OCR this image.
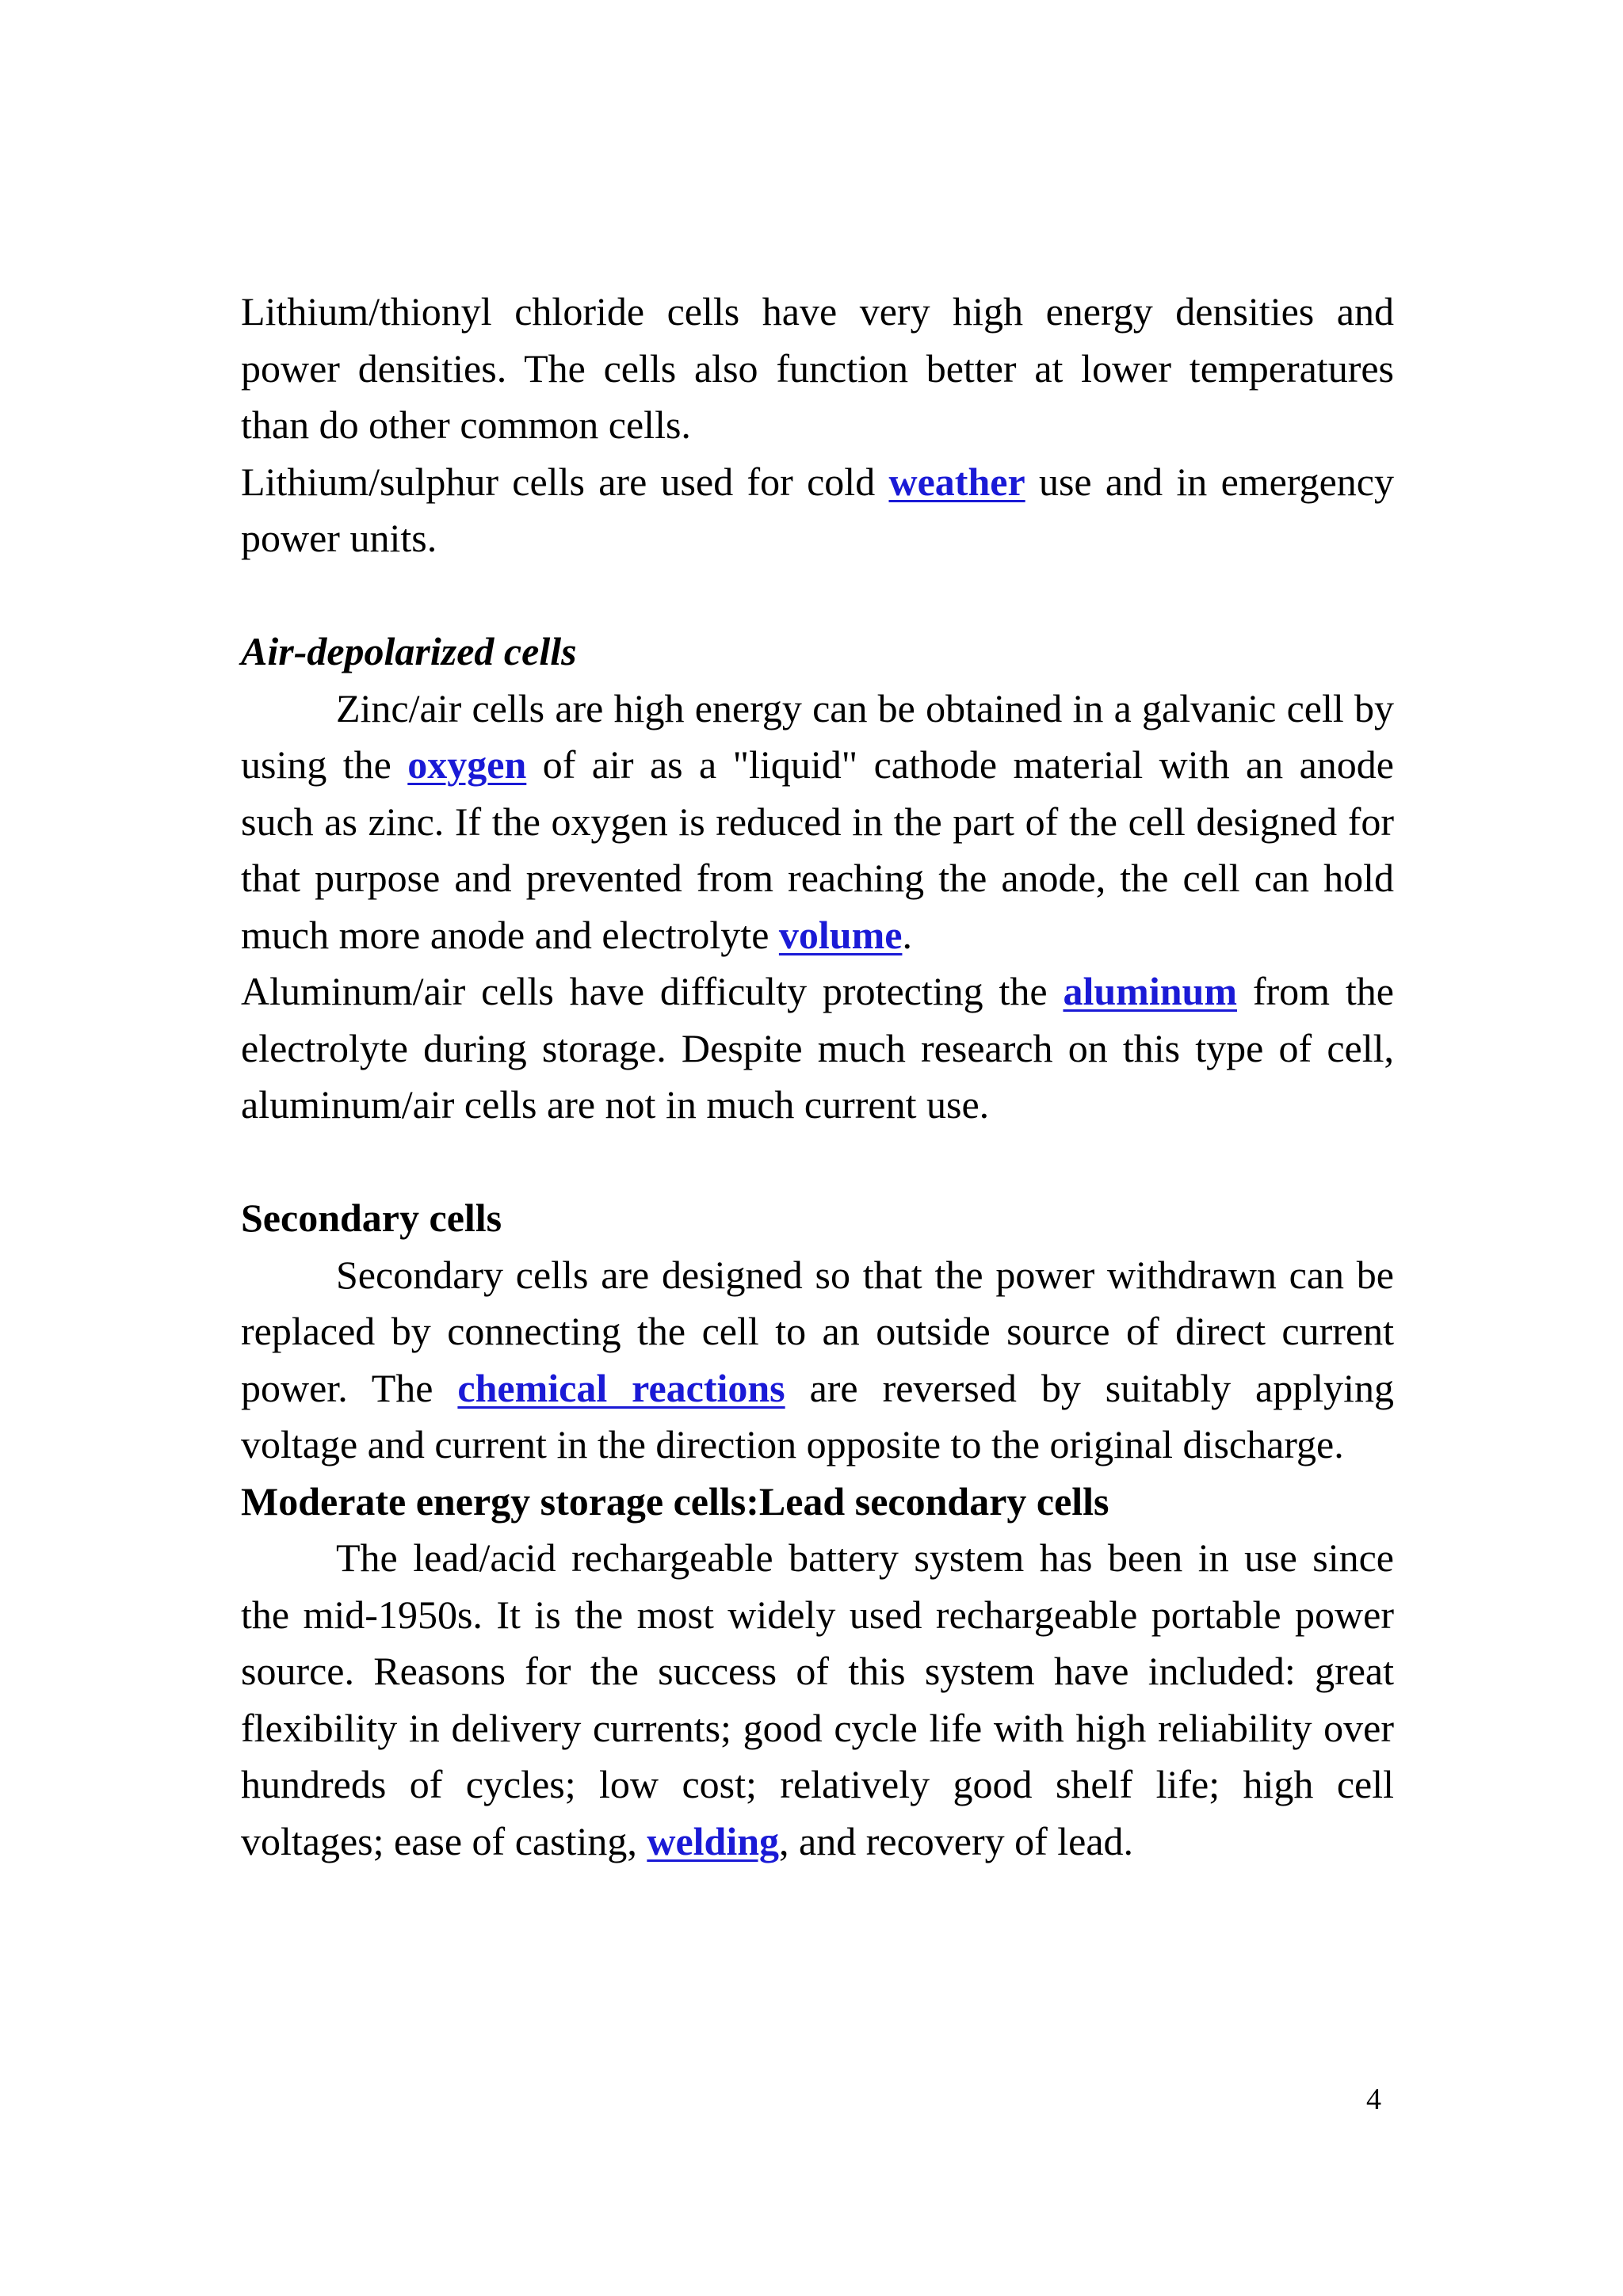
Lithium/thionyl chloride cells have very high energy densities and power densities. The cells also function better at lower temperatures than do other common cells.

Lithium/sulphur cells are used for cold weather use and in emergency power units.

Air-depolarized cells

Zinc/air cells are high energy can be obtained in a galvanic cell by using the oxygen of air as a "liquid" cathode material with an anode such as zinc. If the oxygen is reduced in the part of the cell designed for that purpose and prevented from reaching the anode, the cell can hold much more anode and electrolyte volume.

Aluminum/air cells have difficulty protecting the aluminum from the electrolyte during storage. Despite much research on this type of cell, aluminum/air cells are not in much current use.

Secondary cells

Secondary cells are designed so that the power withdrawn can be replaced by connecting the cell to an outside source of direct current power. The chemical reactions are reversed by suitably applying voltage and current in the direction opposite to the original discharge.

Moderate energy storage cells:Lead secondary cells

The lead/acid rechargeable battery system has been in use since the mid-1950s. It is the most widely used rechargeable portable power source. Reasons for the success of this system have included: great flexibility in delivery currents; good cycle life with high reliability over hundreds of cycles; low cost; relatively good shelf life; high cell voltages; ease of casting, welding, and recovery of lead.

4
